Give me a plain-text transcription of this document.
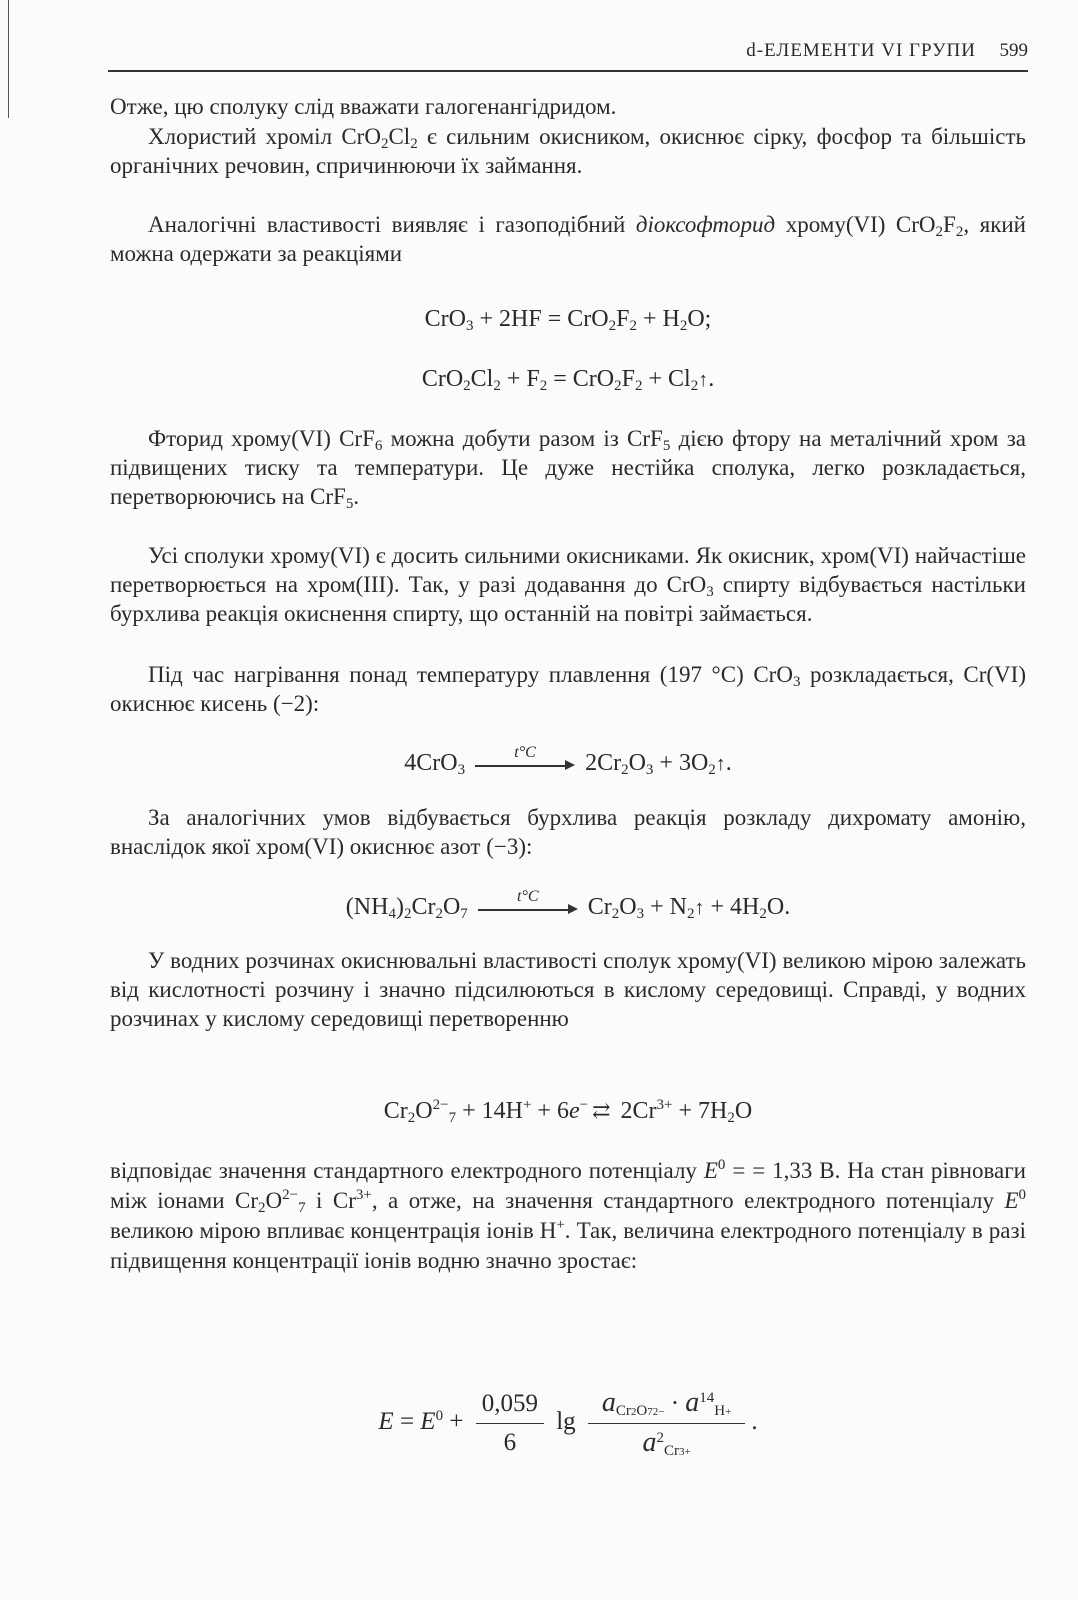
d-ЕЛЕМЕНТИ VI ГРУПИ 599

Отже, цю сполуку слід вважати галогенангідридом.

Хлористий хроміл $CrO_2Cl_2$ є сильним окисником, окиснює сірку, фосфор та більшість органічних речовин, спричинюючи їх займання.

Аналогічні властивості виявляє і газоподібний діоксофторид хрому(VI) $CrO_2F_2$, який можна одержати за реакціями

$CrO_3 + 2HF = CrO_2F_2 + H_2O$;
$CrO_2Cl_2 + F_2 = CrO_2F_2$ + $Cl_2↑$.

Фторид хрому(VI) CrF$_6$ можна добути разом із CrF$_5$ дією фтору на металічний хром за підвищених тиску та температури. Це дуже нестійка сполука, легко розкладається, перетворюючись на CrF$_5$.

Усі сполуки хрому(VI) є досить сильними окисниками. Як окисник, хром(VI) найчастіше перетворюється на хром(III). Так, у разі додавання до CrO$_3$ спирту відбувається настільки бурхлива реакція окиснення спирту, що останній на повітрі займається.

Під час нагрівання понад температуру плавлення (197 °С) CrO$_3$ розкладається, Cr(VI) окиснює кисень (−2):

4CrO$_3$
t°C	$2Cr_2O_3$ + $3O_2↑$.

За аналогічних умов відбувається бурхлива реакція розкладу дихромату амонію, внаслідок якої хром(VI) окиснює азот (−3):

$(NH_4)_2Cr_2O_7$
t°C	$Cr_2O_3$ + $N_2↑ + 4H_2O$.

У водних розчинах окиснювальні властивості сполук хрому(VI) великою мірою залежать від кислотності розчину і значно підсилюються в кислому середовищі. Справді, у водних розчинах у кислому середовищі перетворенню

$Cr_2O^{2-}_7 + 14H^+ + 6e^-$ ⇄ $2Cr^{3+} + 7H_2O$

відповідає значення стандартного електродного потенціалу $E^0$ = = 1,33 В. На стан рівноваги між іонами $Cr_2O^{2-}_7$ і $Cr^{3+}$, а отже, на значення стандартного електродного потенціалу $E^0$ великою мірою впливає концентрація іонів H+. Так, величина електродного потенціалу в разі підвищення концентрації іонів водню значно зростає:

$E = E^0 + \frac{0,059}{6}$ $\lg \frac{a_{Cr2O72-} \cdot a^{14}_{H+}}{a^2_{Cr3+}}$ .
